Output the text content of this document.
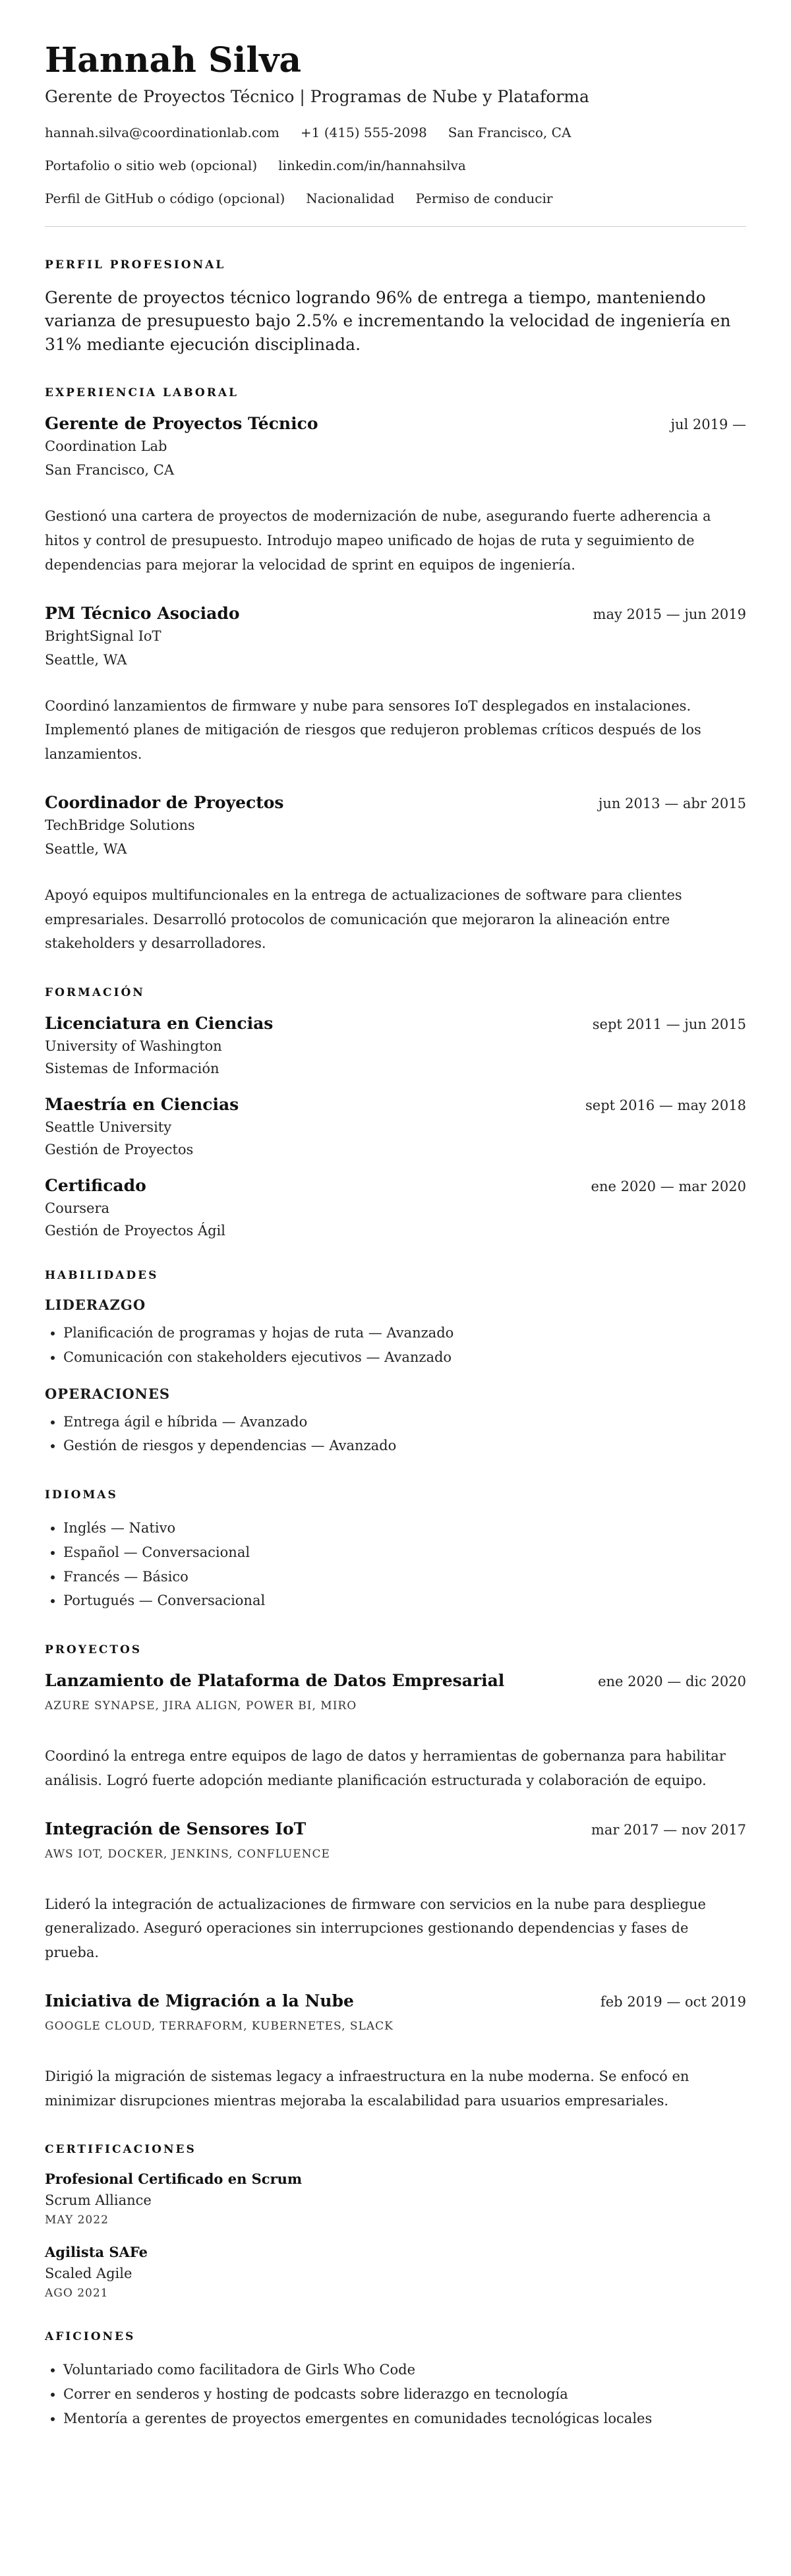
Hannah Silva
Gerente de Proyectos Técnico | Programas de Nube y Plataforma
hannah.silva@coordinationlab.com +1 (415) 555-2098 San Francisco, CA
Portafolio o sitio web (opcional) linkedin.com/in/hannahsilva
Perfil de GitHub o código (opcional) Nacionalidad Permiso de conducir
PERFIL PROFESIONAL

Gerente de proyectos técnico logrando 96% de entrega a tiempo, manteniendo varianza de presupuesto bajo 2.5% e incrementando la velocidad de ingeniería en 31% mediante ejecución disciplinada.

EXPERIENCIA LABORAL
Gerente de Proyectos Técnico	jul 2019 —
Coordination Lab
San Francisco, CA
Gestionó una cartera de proyectos de modernización de nube, asegurando fuerte adherencia a hitos y control de presupuesto. Introdujo mapeo unificado de hojas de ruta y seguimiento de dependencias para mejorar la velocidad de sprint en equipos de ingeniería.
PM Técnico Asociado	may 2015 — jun 2019
BrightSignal IoT
Seattle, WA
Coordinó lanzamientos de firmware y nube para sensores IoT desplegados en instalaciones. Implementó planes de mitigación de riesgos que redujeron problemas críticos después de los lanzamientos.
Coordinador de Proyectos	jun 2013 — abr 2015
TechBridge Solutions
Seattle, WA
Apoyó equipos multifuncionales en la entrega de actualizaciones de software para clientes empresariales. Desarrolló protocolos de comunicación que mejoraron la alineación entre stakeholders y desarrolladores.
FORMACIÓN
Licenciatura en Ciencias	sept 2011 — jun 2015
University of Washington
Sistemas de Información
Maestría en Ciencias	sept 2016 — may 2018
Seattle University
Gestión de Proyectos
Certificado	ene 2020 — mar 2020
Coursera
Gestión de Proyectos Ágil
HABILIDADES
LIDERAZGO
• Planificación de programas y hojas de ruta — Avanzado
• Comunicación con stakeholders ejecutivos — Avanzado
OPERACIONES
• Entrega ágil e híbrida — Avanzado
• Gestión de riesgos y dependencias — Avanzado
IDIOMAS
• Inglés — Nativo
• Español — Conversacional
• Francés — Básico
• Portugués — Conversacional
PROYECTOS
Lanzamiento de Plataforma de Datos Empresarial	ene 2020 — dic 2020
AZURE SYNAPSE, JIRA ALIGN, POWER BI, MIRO
Coordinó la entrega entre equipos de lago de datos y herramientas de gobernanza para habilitar análisis. Logró fuerte adopción mediante planificación estructurada y colaboración de equipo.
Integración de Sensores IoT	mar 2017 — nov 2017
AWS IOT, DOCKER, JENKINS, CONFLUENCE
Lideró la integración de actualizaciones de firmware con servicios en la nube para despliegue generalizado. Aseguró operaciones sin interrupciones gestionando dependencias y fases de prueba.
Iniciativa de Migración a la Nube	feb 2019 — oct 2019
GOOGLE CLOUD, TERRAFORM, KUBERNETES, SLACK
Dirigió la migración de sistemas legacy a infraestructura en la nube moderna. Se enfocó en minimizar disrupciones mientras mejoraba la escalabilidad para usuarios empresariales.
CERTIFICACIONES
Profesional Certificado en Scrum
Scrum Alliance
MAY 2022
Agilista SAFe
Scaled Agile
AGO 2021
AFICIONES
• Voluntariado como facilitadora de Girls Who Code
• Correr en senderos y hosting de podcasts sobre liderazgo en tecnología
• Mentoría a gerentes de proyectos emergentes en comunidades tecnológicas locales
